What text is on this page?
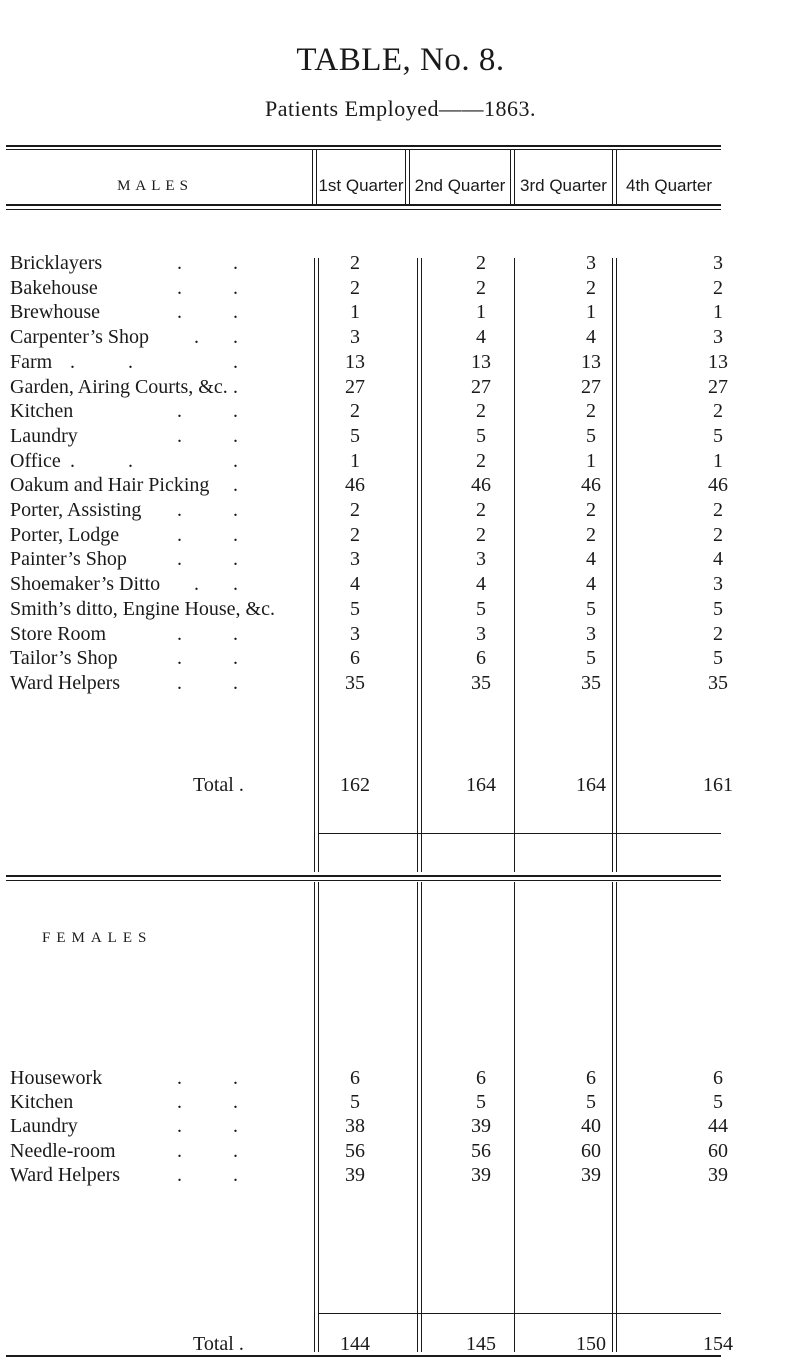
TABLE, No. 8.
Patients Employed——1863.
MALES	1st Quarter 2nd Quarter 3rd Quarter	4th Quarter
Bricklayers	.	.	2	2	3	3
Bakehouse	.	.	2	2	2	2
Brewhouse	.	.	1	1	1	1
Carpenter’s Shop . .	3	4	4	3
Farm .	.	.	13	13	13	13
Garden, Airing Courts, &c. .	27	27	27	27
Kitchen	.	.	2	2	2	2
Laundry	.	.	5	5	5	5
Office .	.	.	1	2	1	1
Oakum and Hair Picking .	46	46	46	46
Porter, Assisting .	.	2	2	2	2
Porter, Lodge	.	.	2	2	2	2
Painter’s Shop	.	.	3	3	4	4
Shoemaker’s Ditto . .	4	4	4	3
Smith’s ditto, Engine House, &c.	5	5	5	5
Store Room	.	.	3	3	3	2
Tailor’s Shop	.	.	6	6	5	5
Ward Helpers	.	.	35	35	35	35
Total .	162	164	164	161
FEMALES
Housework	.	.	6	6	6	6
Kitchen	.	.	5	5	5	5
Laundry	.	.	38	39	40	44
Needle-room	.	.	56	56	60	60
Ward Helpers	.	.	39	39	39	39
Total .	144	145	150	154
